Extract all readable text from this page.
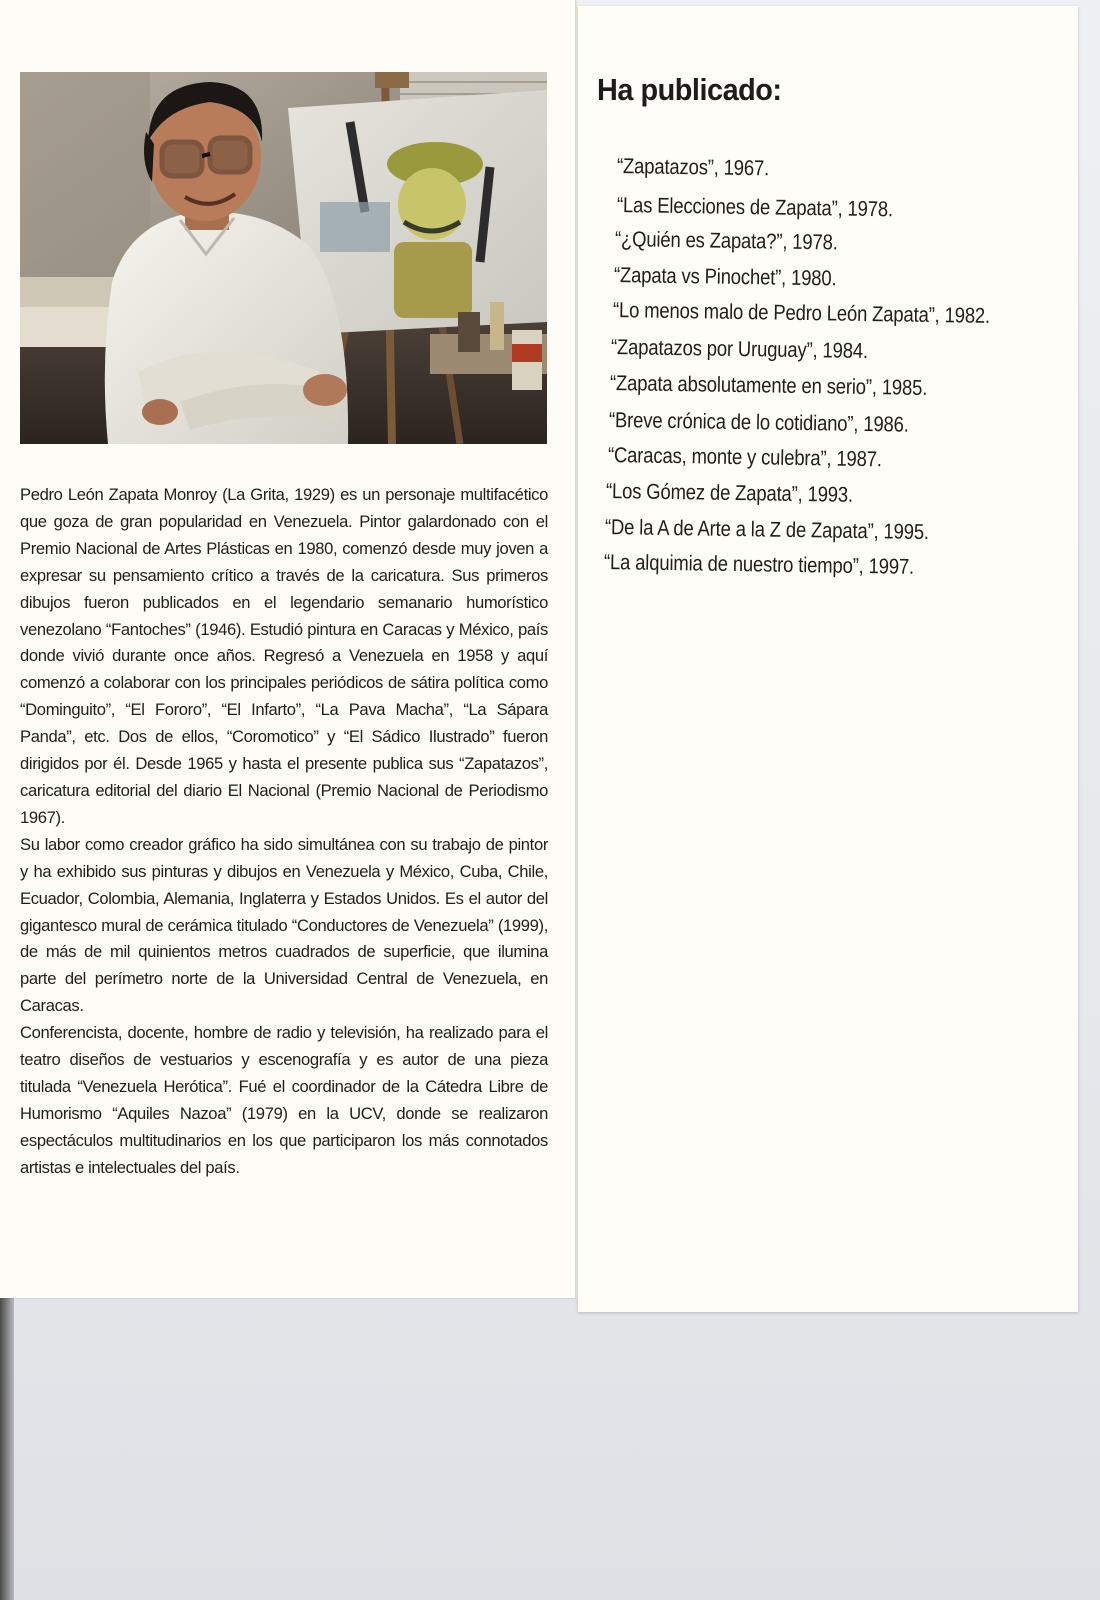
Pedro León Zapata Monroy (La Grita, 1929) es un personaje multifacético que goza de gran popularidad en Venezuela. Pintor galardonado con el Premio Nacional de Artes Plásticas en 1980, comenzó desde muy joven a expresar su pensamiento crítico a través de la caricatura. Sus primeros dibujos fueron publicados en el legendario semanario humorístico venezolano “Fantoches” (1946). Estudió pintura en Caracas y México, país donde vivió durante once años. Regresó a Venezuela en 1958 y aquí comenzó a colaborar con los principales periódicos de sátira política como “Dominguito”, “El Fororo”, “El Infarto”, “La Pava Macha”, “La Sápara Panda”, etc. Dos de ellos, “Coromotico” y “El Sádico Ilustrado” fueron dirigidos por él. Desde 1965 y hasta el presente publica sus “Zapatazos”, caricatura editorial del diario El Nacional (Premio Nacional de Periodismo 1967).

Su labor como creador gráfico ha sido simultánea con su trabajo de pintor y ha exhibido sus pinturas y dibujos en Venezuela y México, Cuba, Chile, Ecuador, Colombia, Alemania, Inglaterra y Estados Unidos. Es el autor del gigantesco mural de cerámica titulado “Conductores de Venezuela” (1999), de más de mil quinientos metros cuadrados de superficie, que ilumina parte del perímetro norte de la Universidad Central de Venezuela, en Caracas.

Conferencista, docente, hombre de radio y televisión, ha realizado para el teatro diseños de vestuarios y escenografía y es autor de una pieza titulada “Venezuela Herótica”. Fué el coordinador de la Cátedra Libre de Humorismo “Aquiles Nazoa” (1979) en la UCV, donde se realizaron espectáculos multitudinarios en los que participaron los más connotados artistas e intelectuales del país.

Ha publicado:
“Zapatazos”, 1967.
“Las Elecciones de Zapata”, 1978.
“¿Quién es Zapata?”, 1978.
“Zapata vs Pinochet”, 1980.
“Lo menos malo de Pedro León Zapata”, 1982.
“Zapatazos por Uruguay”, 1984.
“Zapata absolutamente en serio”, 1985.
“Breve crónica de lo cotidiano”, 1986.
“Caracas, monte y culebra”, 1987.
“Los Gómez de Zapata”, 1993.
“De la A de Arte a la Z de Zapata”, 1995.
“La alquimia de nuestro tiempo”, 1997.
